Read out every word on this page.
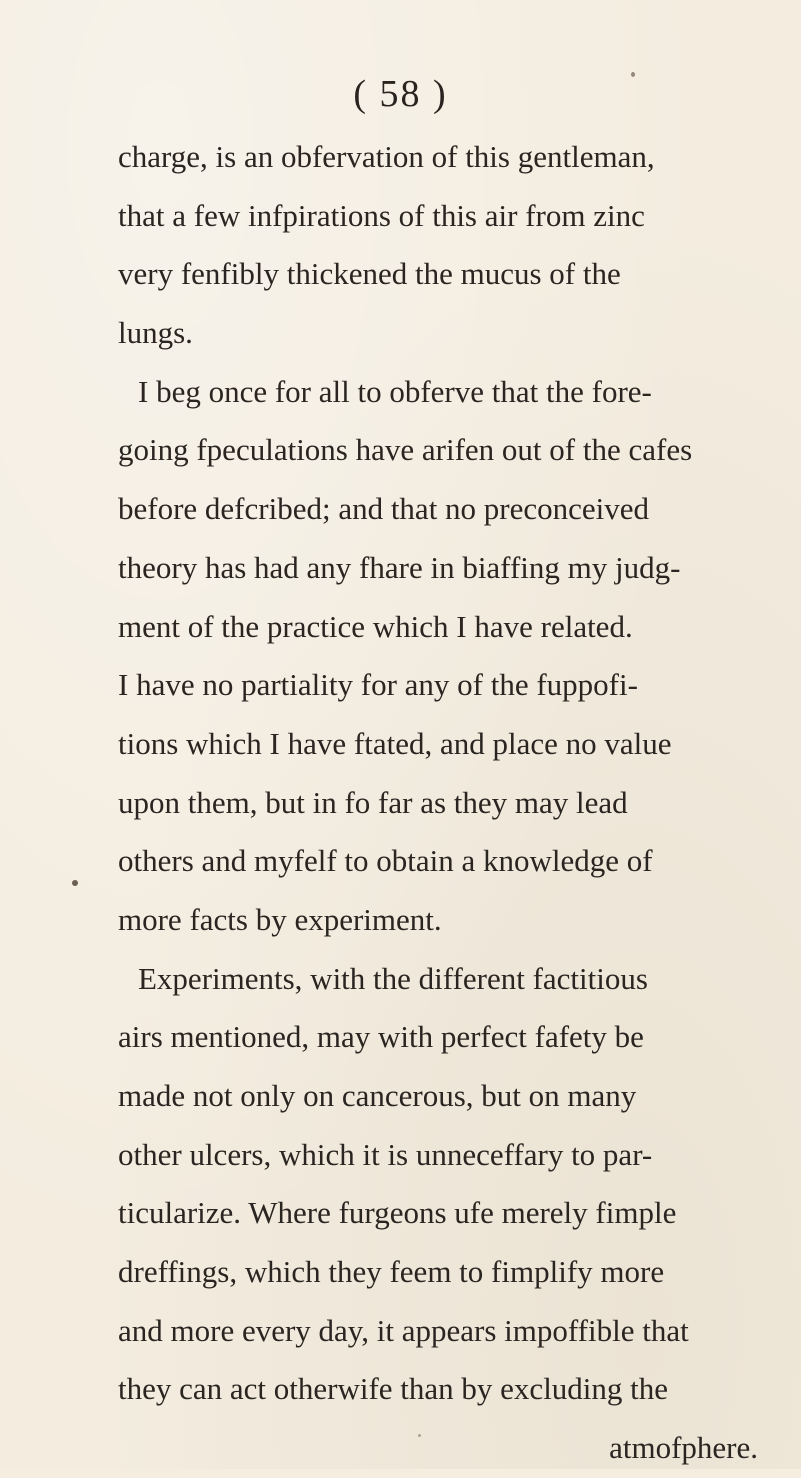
( 58 )
charge, is an obfervation of this gentleman,
that a few infpirations of this air from zinc
very fenfibly thickened the mucus of the
lungs.
I beg once for all to obferve that the fore-
going fpeculations have arifen out of the cafes
before defcribed; and that no preconceived
theory has had any fhare in biaffing my judg-
ment of the practice which I have related.
I have no partiality for any of the fuppofi-
tions which I have ftated, and place no value
upon them, but in fo far as they may lead
others and myfelf to obtain a knowledge of
more facts by experiment.
Experiments, with the different factitious
airs mentioned, may with perfect fafety be
made not only on cancerous, but on many
other ulcers, which it is unneceffary to par-
ticularize. Where furgeons ufe merely fimple
dreffings, which they feem to fimplify more
and more every day, it appears impoffible that
they can act otherwife than by excluding the
atmofphere.
